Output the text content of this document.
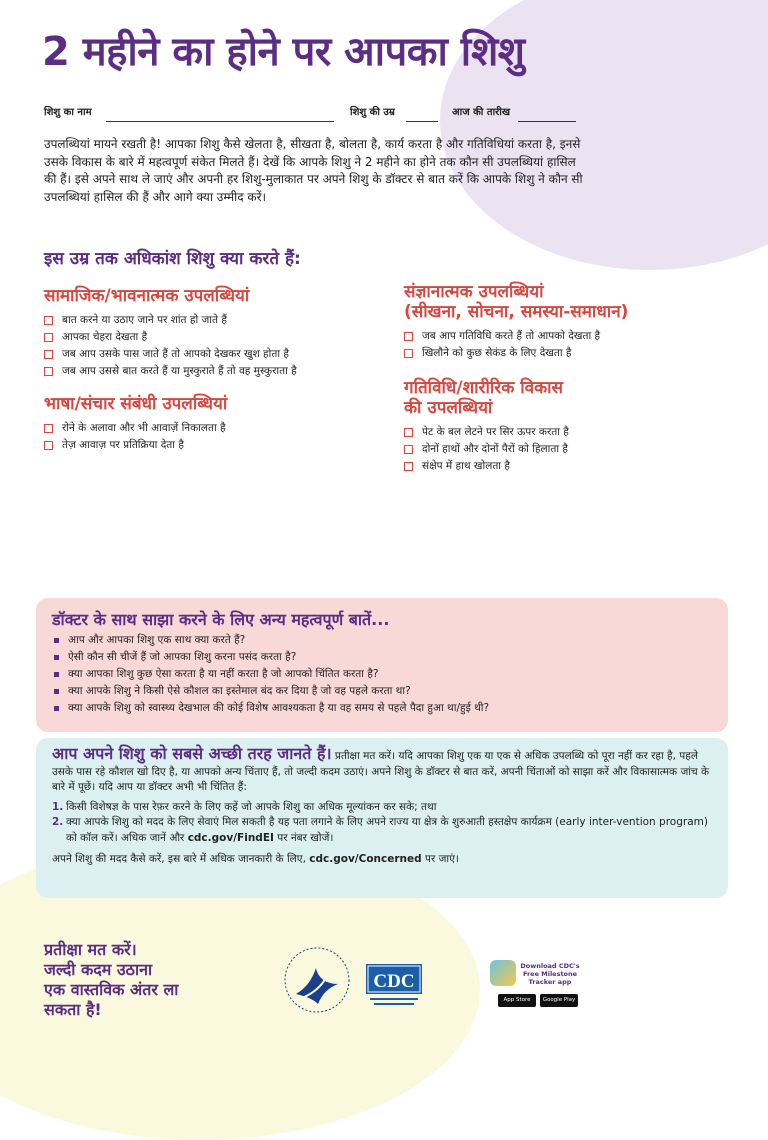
2 महीने का होने पर आपका शिशु
शिशु का नाम	शिशु की उम्र	आज की तारीख

उपलब्धियां मायने रखती है! आपका शिशु कैसे खेलता है, सीखता है, बोलता है, कार्य करता है और गतिविधियां करता है, इनसे उसके विकास के बारे में महत्वपूर्ण संकेत मिलते हैं। देखें कि आपके शिशु ने 2 महीने का होने तक कौन सी उपलब्धियां हासिल की हैं। इसे अपने साथ ले जाएं और अपनी हर शिशु-मुलाकात पर अपने शिशु के डॉक्टर से बात करें कि आपके शिशु ने कौन सी उपलब्धियां हासिल की हैं और आगे क्या उम्मीद करें।

इस उम्र तक अधिकांश शिशु क्या करते हैं:
सामाजिक/भावनात्मक उपलब्धियां
बात करने या उठाए जाने पर शांत हो जाते हैं
आपका चेहरा देखता है
जब आप उसके पास जाते हैं तो आपको देखकर खुश होता है
जब आप उससे बात करते हैं या मुस्कुराते हैं तो वह मुस्कुराता है
भाषा/संचार संबंधी उपलब्धियां
रोने के अलावा और भी आवाज़ें निकालता है
तेज़ आवाज़ पर प्रतिक्रिया देता है
संज्ञानात्मक उपलब्धियां
(सीखना, सोचना, समस्या-समाधान)
जब आप गतिविधि करते हैं तो आपको देखता है
खिलौने को कुछ सेकंड के लिए देखता है
गतिविधि/शारीरिक विकास
की उपलब्धियां
पेट के बल लेटने पर सिर ऊपर करता है
दोनों हाथों और दोनों पैरों को हिलाता है
संक्षेप में हाथ खोलता है
डॉक्टर के साथ साझा करने के लिए अन्य महत्वपूर्ण बातें...
आप और आपका शिशु एक साथ क्या करते हैं?
ऐसी कौन सी चीजें हैं जो आपका शिशु करना पसंद करता है?
क्या आपका शिशु कुछ ऐसा करता है या नहीं करता है जो आपको चिंतित करता है?
क्या आपके शिशु ने किसी ऐसे कौशल का इस्तेमाल बंद कर दिया है जो वह पहले करता था?
क्या आपके शिशु को स्वास्थ्य देखभाल की कोई विशेष आवश्यकता है या वह समय से पहले पैदा हुआ था/हुई थी?
आप अपने शिशु को सबसे अच्छी तरह जानते हैं। प्रतीक्षा मत करें। यदि आपका शिशु एक या एक से अधिक उपलब्धि को पूरा नहीं कर रहा है, पहले उसके पास रहे कौशल खो दिए है, या आपको अन्य चिंताए हैं, तो जल्दी कदम उठाएं। अपने शिशु के डॉक्टर से बात करें, अपनी चिंताओं को साझा करें और विकासात्मक जांच के बारे में पूछें। यदि आप या डॉक्टर अभी भी चिंतित हैं:
1. किसी विशेषज्ञ के पास रेफ़र करने के लिए कहें जो आपके शिशु का अधिक मूल्यांकन कर सके; तथा
2. क्या आपके शिशु को मदद के लिए सेवाएं मिल सकती है यह पता लगाने के लिए अपने राज्य या क्षेत्र के शुरुआती हस्तक्षेप कार्यक्रम (early inter-vention program) को कॉल करें। अधिक जानें और cdc.gov/FindEI पर नंबर खोजें।
अपने शिशु की मदद कैसे करें, इस बारे में अधिक जानकारी के लिए, cdc.gov/Concerned पर जाएं।
प्रतीक्षा मत करें।
जल्दी कदम उठाना
एक वास्तविक अंतर ला
सकता है!
CDC
Download CDC's Free Milestone Tracker app
App Store	Google Play
